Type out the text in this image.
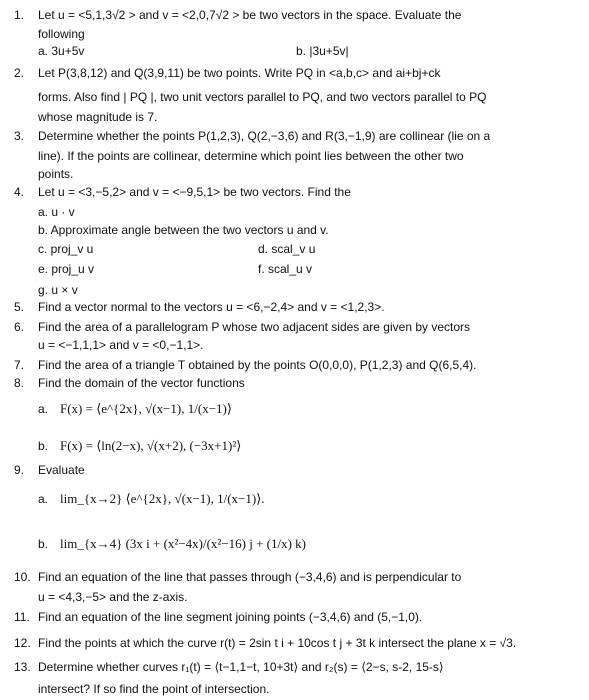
1. Let u = <5,1,3√2 > and v = <2,0,7√2 > be two vectors in the space. Evaluate the
following
a. 3u+5v	b. |3u+5v|
2. Let P(3,8,12) and Q(3,9,11) be two points. Write PQ in <a,b,c> and ai+bj+ck
forms. Also find | PQ |, two unit vectors parallel to PQ, and two vectors parallel to PQ
whose magnitude is 7.
3. Determine whether the points P(1,2,3), Q(2,−3,6) and R(3,−1,9) are collinear (lie on a
line). If the points are collinear, determine which point lies between the other two
points.
4. Let u = <3,−5,2> and v = <−9,5,1> be two vectors. Find the
a. u · v
b. Approximate angle between the two vectors u and v.
c. proj_v u	d. scal_v u
e. proj_u v	f. scal_u v
g. u × v
5. Find a vector normal to the vectors u = <6,−2,4> and v = <1,2,3>.
6. Find the area of a parallelogram P whose two adjacent sides are given by vectors
u = <−1,1,1> and v = <0,−1,1>.
7. Find the area of a triangle T obtained by the points O(0,0,0), P(1,2,3) and Q(6,5,4).
8. Find the domain of the vector functions
a. F(x) = ⟨e^{2x}, √(x−1), 1/(x−1)⟩
b. F(x) = ⟨ln(2−x), √(x+2), (−3x+1)²⟩
9. Evaluate
a. lim_{x→2} ⟨e^{2x}, √(x−1), 1/(x−1)⟩.
b. lim_{x→4} (3x i + (x²−4x)/(x²−16) j + (1/x) k)
10. Find an equation of the line that passes through (−3,4,6) and is perpendicular to
u = <4,3,−5> and the z-axis.
11. Find an equation of the line segment joining points (−3,4,6) and (5,−1,0).
12. Find the points at which the curve r(t) = 2sin t i + 10cos t j + 3t k intersect the plane x = √3.
13. Determine whether curves r₁(t) = ⟨t−1,1−t, 10+3t⟩ and r₂(s) = ⟨2−s, s-2, 15-s⟩
intersect? If so find the point of intersection.
